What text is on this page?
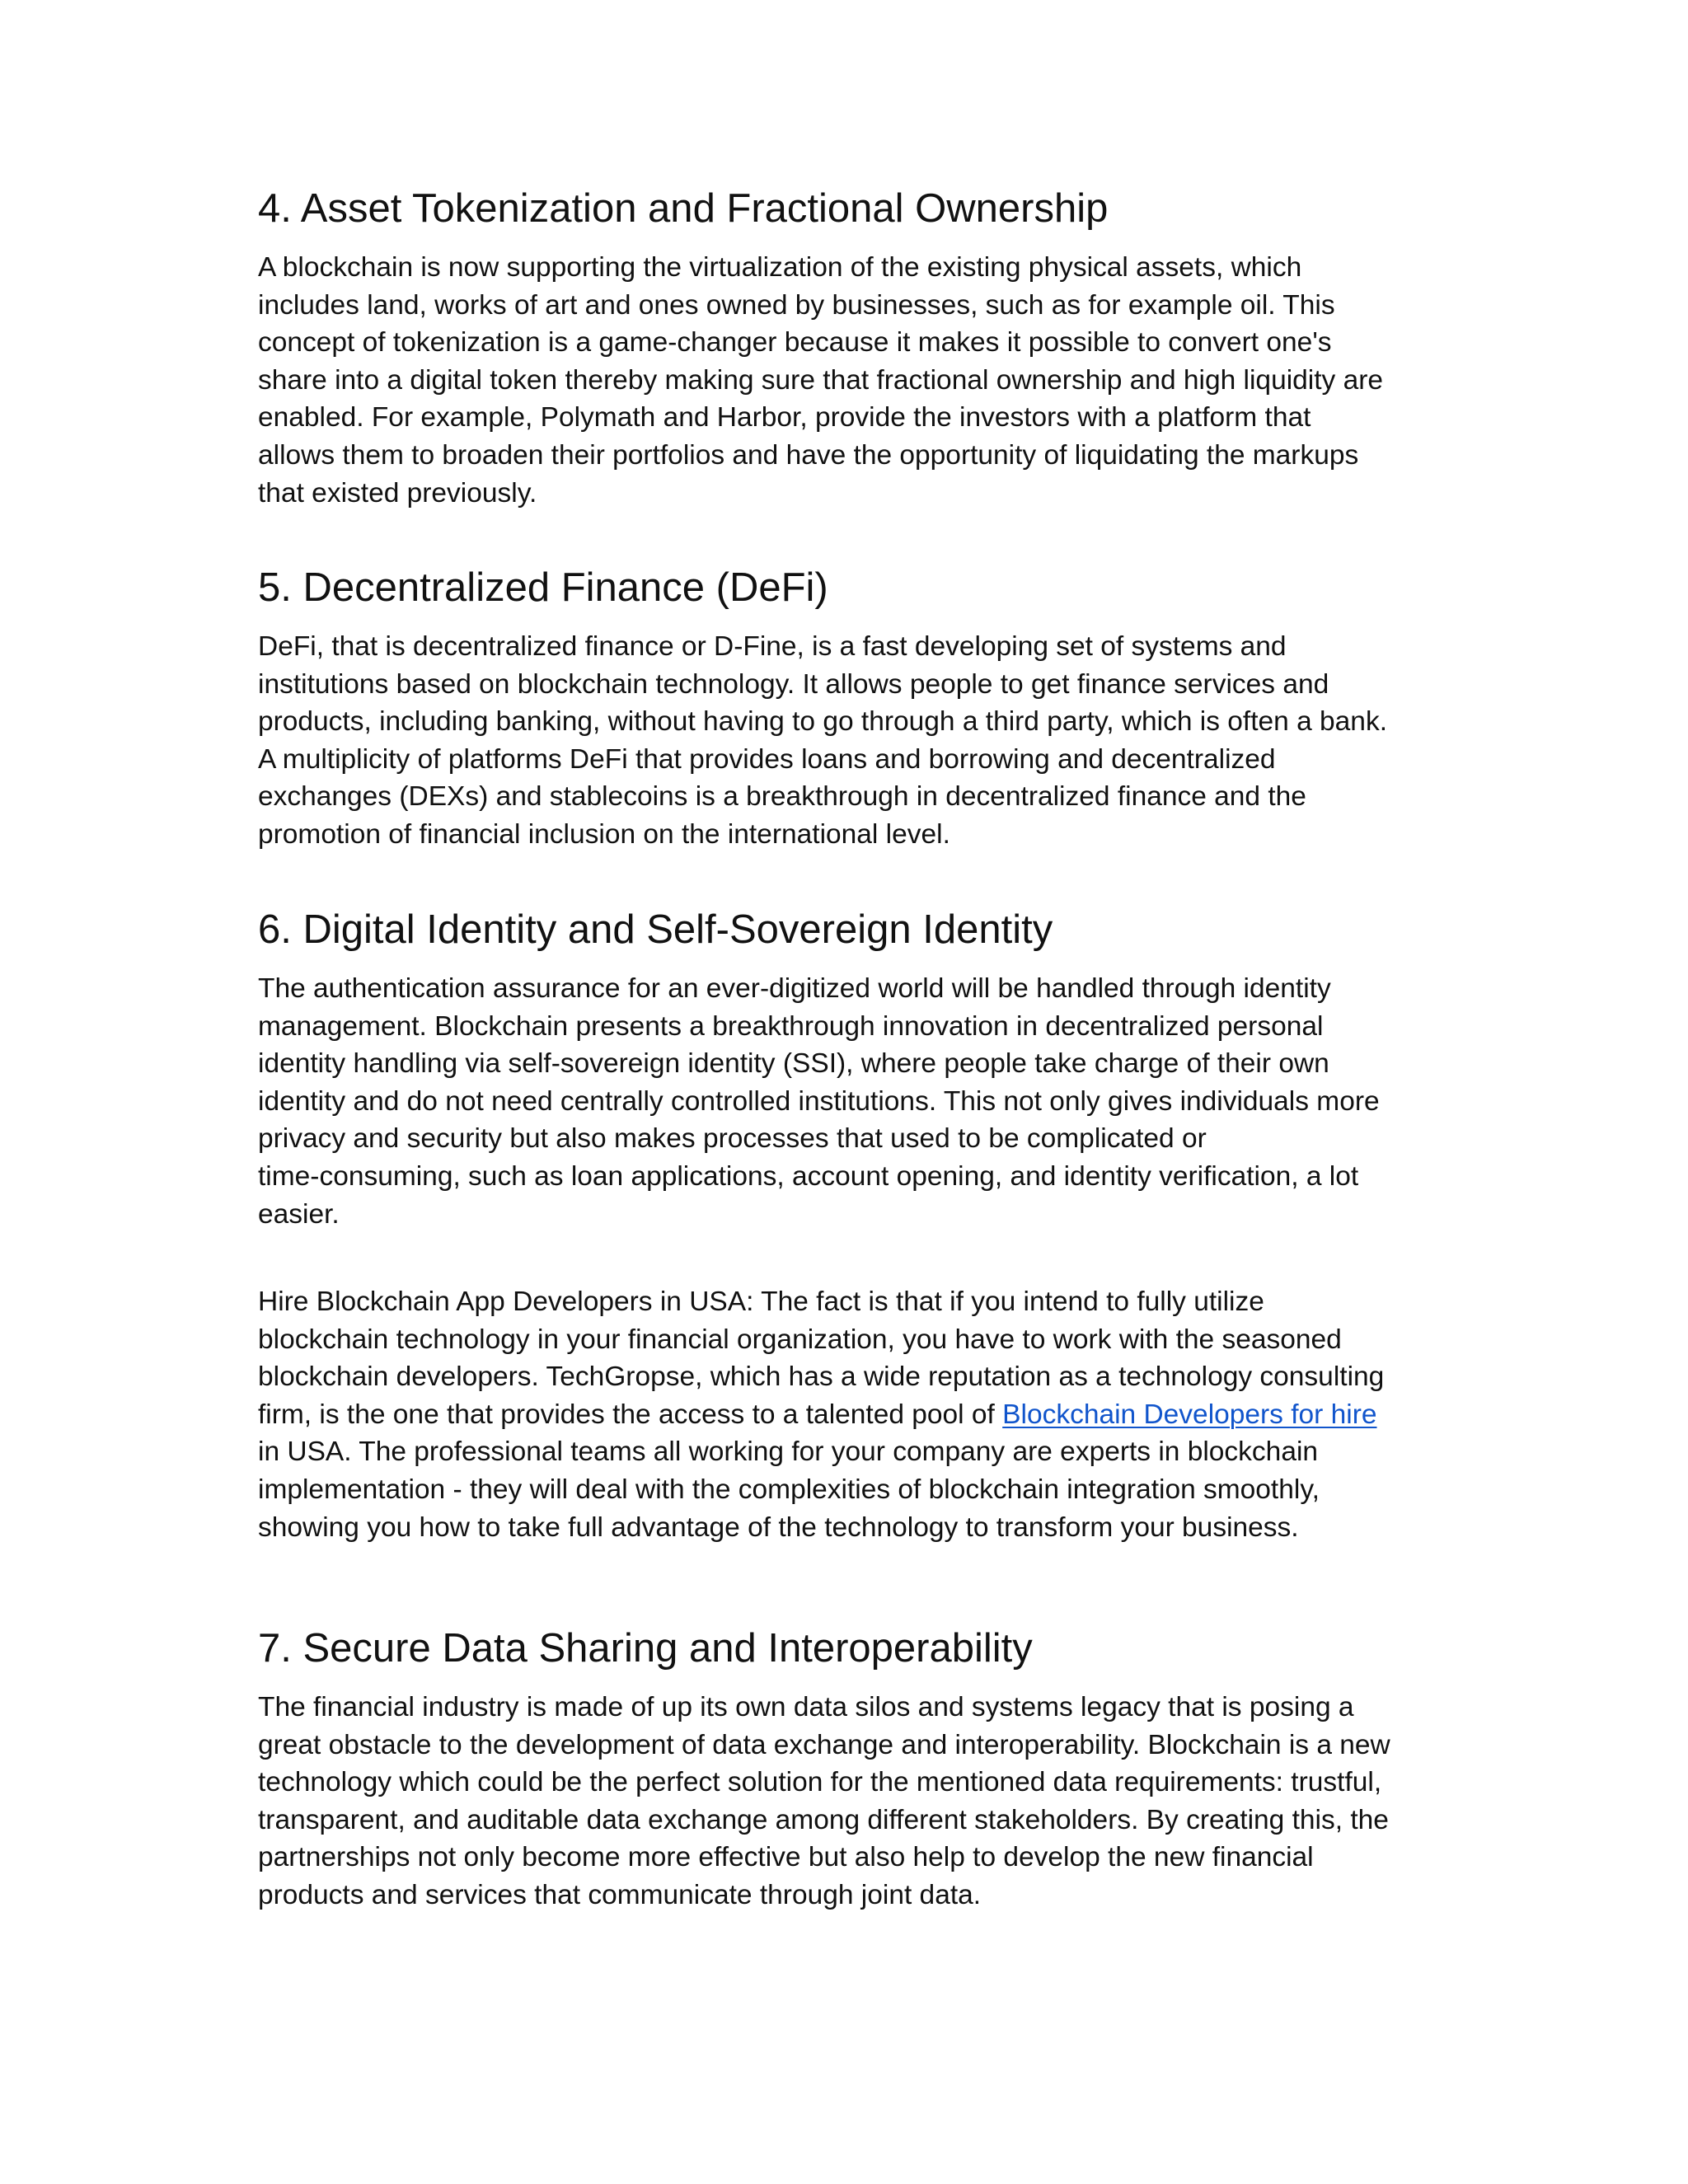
4. Asset Tokenization and Fractional Ownership
A blockchain is now supporting the virtualization of the existing physical assets, which
includes land, works of art and ones owned by businesses, such as for example oil. This
concept of tokenization is a game-changer because it makes it possible to convert one's
share into a digital token thereby making sure that fractional ownership and high liquidity are
enabled. For example, Polymath and Harbor, provide the investors with a platform that
allows them to broaden their portfolios and have the opportunity of liquidating the markups
that existed previously.
5. Decentralized Finance (DeFi)
DeFi, that is decentralized finance or D-Fine, is a fast developing set of systems and
institutions based on blockchain technology. It allows people to get finance services and
products, including banking, without having to go through a third party, which is often a bank.
A multiplicity of platforms DeFi that provides loans and borrowing and decentralized
exchanges (DEXs) and stablecoins is a breakthrough in decentralized finance and the
promotion of financial inclusion on the international level.
6. Digital Identity and Self-Sovereign Identity
The authentication assurance for an ever-digitized world will be handled through identity
management. Blockchain presents a breakthrough innovation in decentralized personal
identity handling via self-sovereign identity (SSI), where people take charge of their own
identity and do not need centrally controlled institutions. This not only gives individuals more
privacy and security but also makes processes that used to be complicated or
time-consuming, such as loan applications, account opening, and identity verification, a lot
easier.
Hire Blockchain App Developers in USA: The fact is that if you intend to fully utilize
blockchain technology in your financial organization, you have to work with the seasoned
blockchain developers. TechGropse, which has a wide reputation as a technology consulting
firm, is the one that provides the access to a talented pool of Blockchain Developers for hire
in USA. The professional teams all working for your company are experts in blockchain
implementation - they will deal with the complexities of blockchain integration smoothly,
showing you how to take full advantage of the technology to transform your business.
7. Secure Data Sharing and Interoperability
The financial industry is made of up its own data silos and systems legacy that is posing a
great obstacle to the development of data exchange and interoperability. Blockchain is a new
technology which could be the perfect solution for the mentioned data requirements: trustful,
transparent, and auditable data exchange among different stakeholders. By creating this, the
partnerships not only become more effective but also help to develop the new financial
products and services that communicate through joint data.
